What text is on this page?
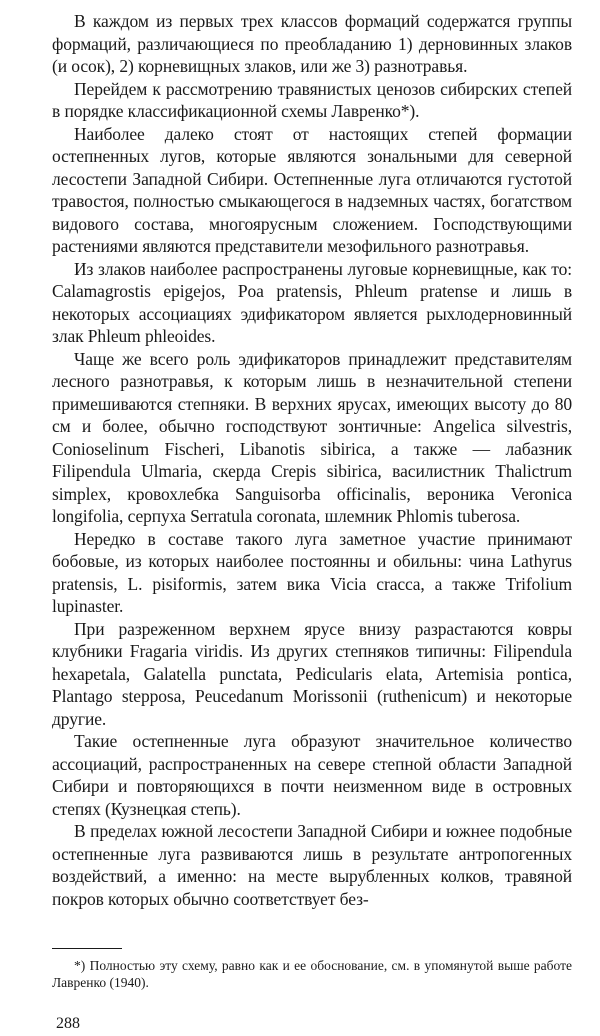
В каждом из первых трех классов формаций содержатся группы формаций, различающиеся по преобладанию 1) дерновинных злаков (и осок), 2) корневищных злаков, или же 3) разнотравья.

Перейдем к рассмотрению травянистых ценозов сибирских степей в порядке классификационной схемы Лавренко*).

Наиболее далеко стоят от настоящих степей формации остепненных лугов, которые являются зональными для северной лесостепи Западной Сибири. Остепненные луга отличаются густотой травостоя, полностью смыкающегося в надземных частях, богатством видового состава, многоярусным сложением. Господствующими растениями являются представители мезофильного разнотравья.

Из злаков наиболее распространены луговые корневищные, как то: Calamagrostis epigejos, Poa pratensis, Phleum pratense и лишь в некоторых ассоциациях эдификатором является рыхлодерновинный злак Phleum phleoides.

Чаще же всего роль эдификаторов принадлежит представителям лесного разнотравья, к которым лишь в незначительной степени примешиваются степняки. В верхних ярусах, имеющих высоту до 80 см и более, обычно господствуют зонтичные: Angelica silvestris, Conioselinum Fischeri, Libanotis sibirica, а также — лабазник Filipendula Ulmaria, скерда Crepis sibirica, василистник Thalictrum simplex, кровохлебка Sanguisorba officinalis, вероника Veronica longifolia, серпуха Serratula coronata, шлемник Phlomis tuberosa.

Нередко в составе такого луга заметное участие принимают бобовые, из которых наиболее постоянны и обильны: чина Lathyrus pratensis, L. pisiformis, затем вика Vicia cracca, а также Trifolium lupinaster.

При разреженном верхнем ярусе внизу разрастаются ковры клубники Fragaria viridis. Из других степняков типичны: Filipendula hexapetala, Galatella punctata, Pedicularis elata, Artemisia pontica, Plantago stepposa, Peucedanum Morissonii (ruthenicum) и некоторые другие.

Такие остепненные луга образуют значительное количество ассоциаций, распространенных на севере степной области Западной Сибири и повторяющихся в почти неизменном виде в островных степях (Кузнецкая степь).

В пределах южной лесостепи Западной Сибири и южнее подобные остепненные луга развиваются лишь в результате антропогенных воздействий, а именно: на месте вырубленных колков, травяной покров которых обычно соответствует без-

*) Полностью эту схему, равно как и ее обоснование, см. в упомянутой выше работе Лавренко (1940).

288
